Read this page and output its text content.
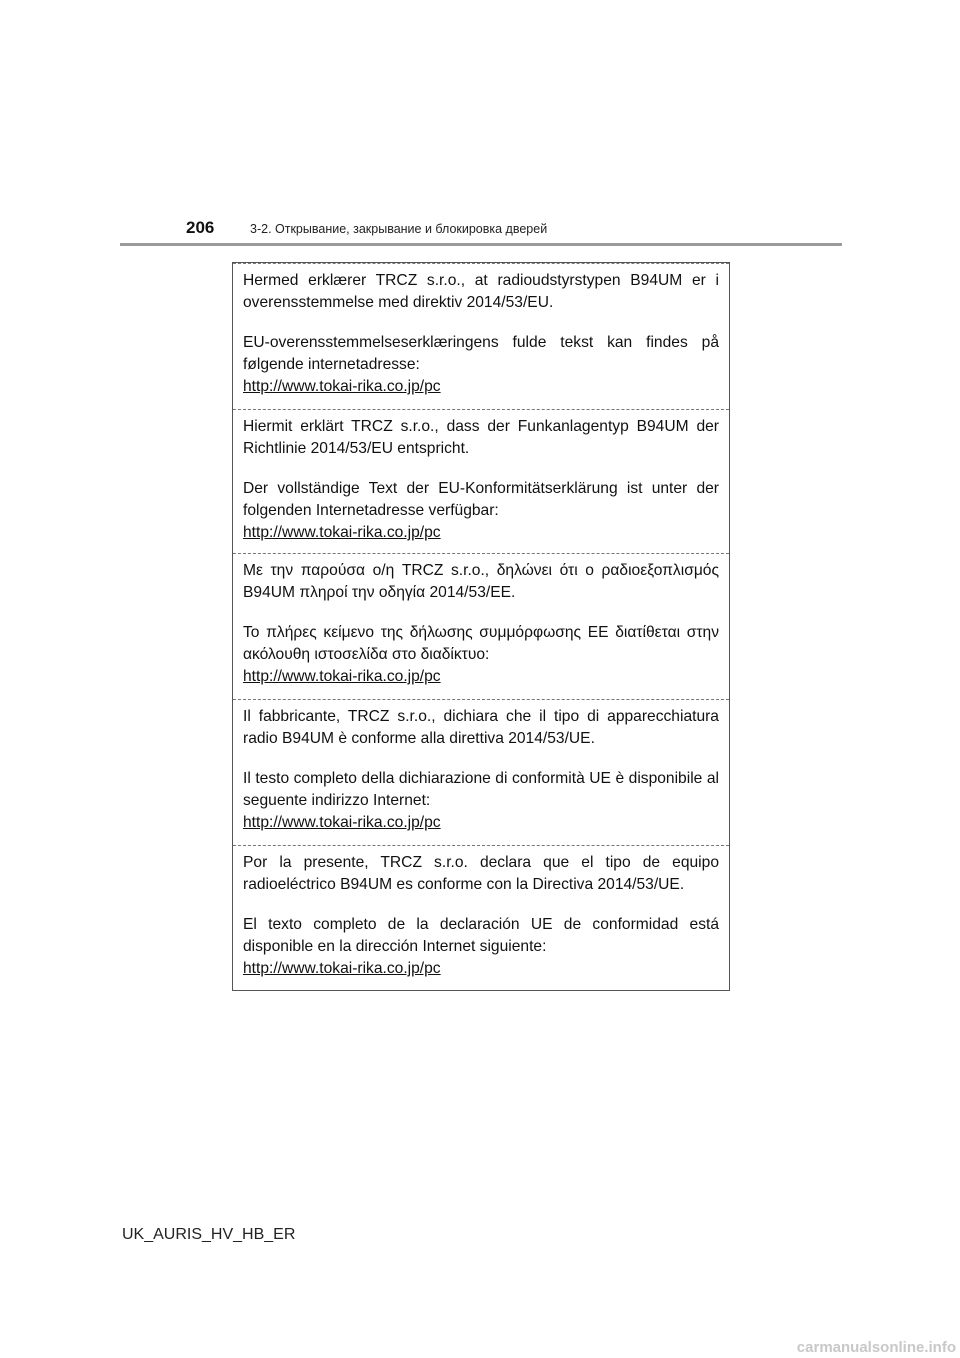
206	3-2. Открывание, закрывание и блокировка дверей

Hermed erklærer TRCZ s.r.o., at radioudstyrstypen B94UM er i overensstemmelse med direktiv 2014/53/EU.

EU-overensstemmelseserklæringens fulde tekst kan findes på følgende internetadresse:

http://www.tokai-rika.co.jp/pc

Hiermit erklärt TRCZ s.r.o., dass der Funkanlagentyp B94UM der Richtlinie 2014/53/EU entspricht.

Der vollständige Text der EU-Konformitätserklärung ist unter der folgenden Internetadresse verfügbar:

http://www.tokai-rika.co.jp/pc

Με την παρούσα ο/η TRCZ s.r.o., δηλώνει ότι ο ραδιοεξοπλισμός B94UM πληροί την οδηγία 2014/53/ΕΕ.

Το πλήρες κείμενο της δήλωσης συμμόρφωσης ΕΕ διατίθεται στην ακόλουθη ιστοσελίδα στο διαδίκτυο:

http://www.tokai-rika.co.jp/pc

Il fabbricante, TRCZ s.r.o., dichiara che il tipo di apparecchiatura radio B94UM è conforme alla direttiva 2014/53/UE.

Il testo completo della dichiarazione di conformità UE è disponibile al seguente indirizzo Internet:

http://www.tokai-rika.co.jp/pc

Por la presente, TRCZ s.r.o. declara que el tipo de equipo radioeléctrico B94UM es conforme con la Directiva 2014/53/UE.

El texto completo de la declaración UE de conformidad está disponible en la dirección Internet siguiente:

http://www.tokai-rika.co.jp/pc
UK_AURIS_HV_HB_ER
carmanualsonline.info
